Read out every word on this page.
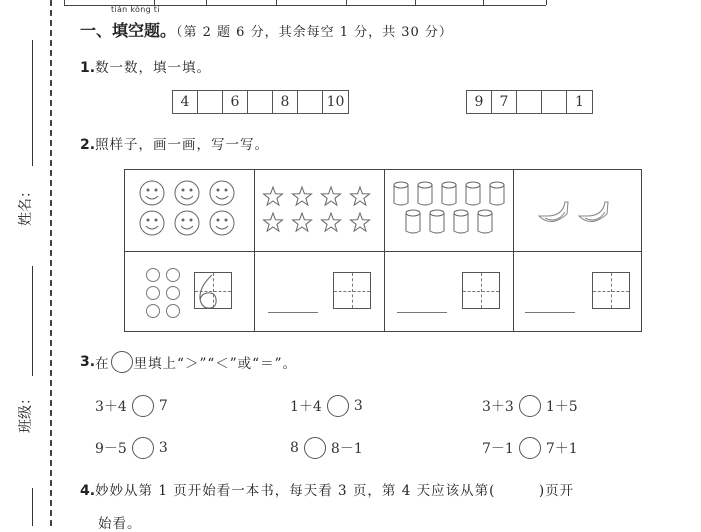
姓名：
班级：
tián kòng tí
一、填空题。（第 2 题 6 分，其余每空 1 分，共 30 分）
1.数一数，填一填。
4	6	8	10	9	7	1
2.照样子，画一画，写一写。
3. 在 里填上“＞”“＜”或“＝”。
3＋4 7	1＋4 3	3＋3 1＋5
9－5 3	8 8－1	7－1 7＋1
4.妙妙从第 1 页开始看一本书，每天看 3 页，第 4 天应该从第(　　　)页开
始看。
